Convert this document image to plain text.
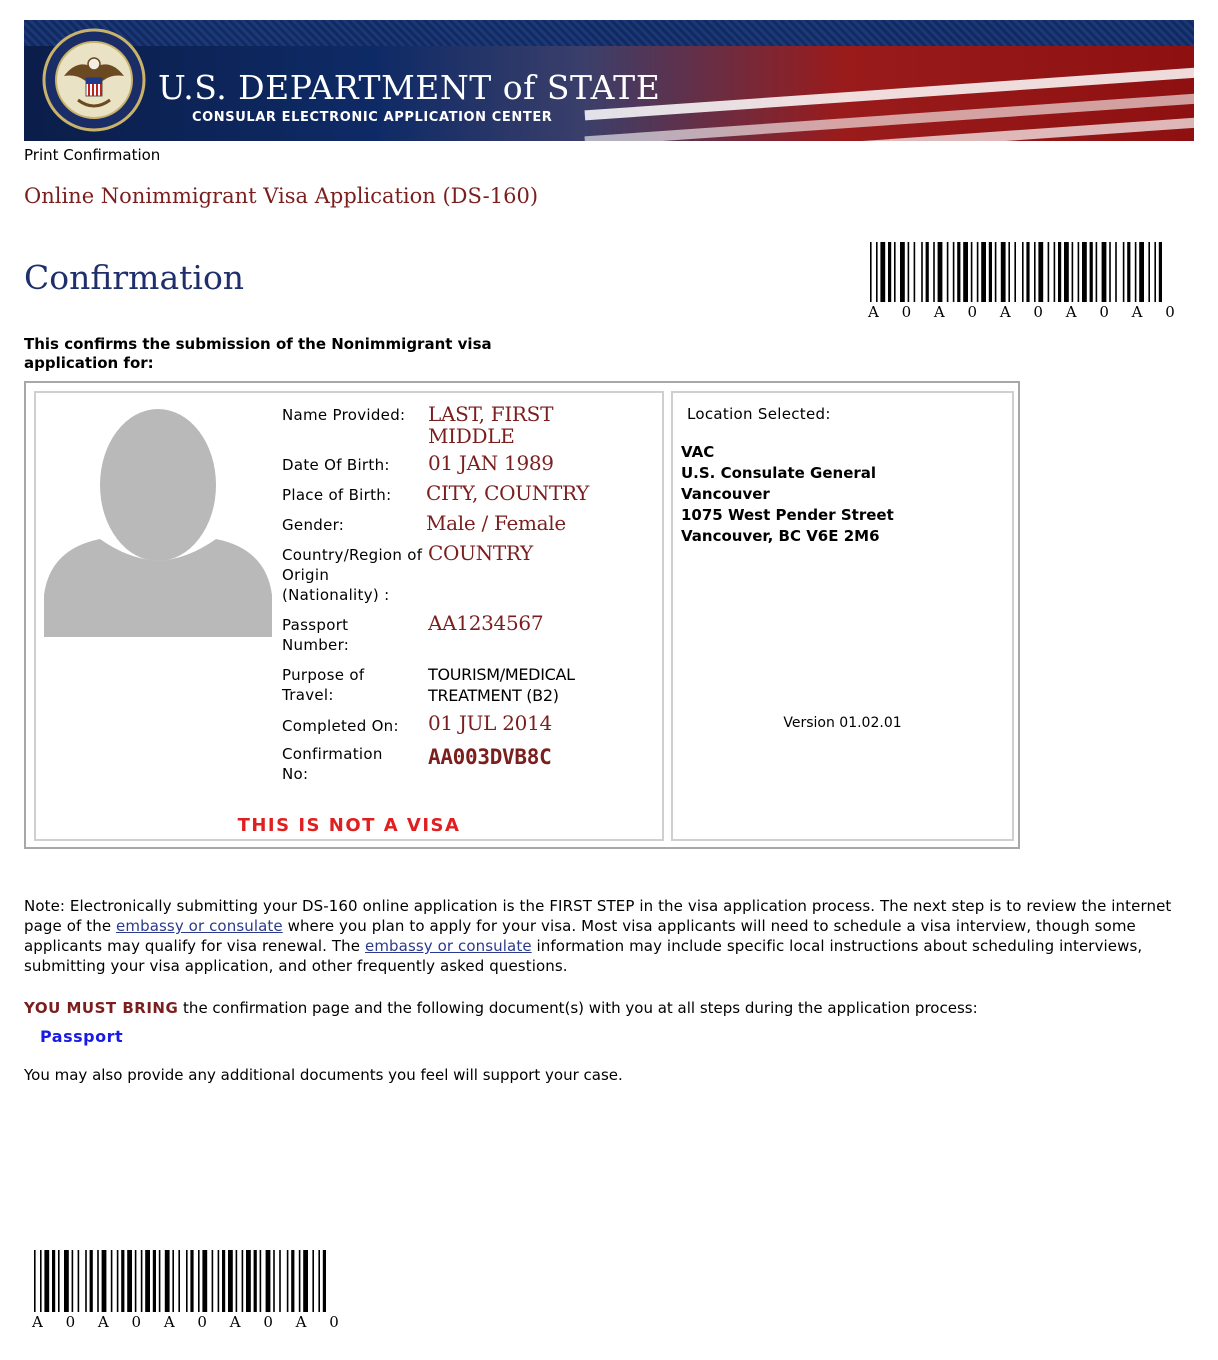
U.S. DEPARTMENT of STATE
CONSULAR ELECTRONIC APPLICATION CENTER
Print Confirmation
Online Nonimmigrant Visa Application (DS-160)
Confirmation
A 0 A 0 A 0 A 0 A 0
This confirms the submission of the Nonimmigrant visa application for:
Name Provided:	LAST, FIRST MIDDLE
Date Of Birth: 01 JAN 1989
Place of Birth: CITY, COUNTRY
Gender:	Male / Female
Country/Region of Origin (Nationality) :
COUNTRY
Passport Number:
AA1234567
Purpose of Travel:
TOURISM/MEDICAL TREATMENT (B2)
Completed On: 01 JUL 2014
Confirmation No:
AA003DVB8C
THIS IS NOT A VISA
Location Selected:
VAC
U.S. Consulate General
Vancouver
1075 West Pender Street
Vancouver, BC V6E 2M6
Version 01.02.01
Note: Electronically submitting your DS-160 online application is the FIRST STEP in the visa application process. The next step is to review the internet page of the embassy or consulate where you plan to apply for your visa. Most visa applicants will need to schedule a visa interview, though some applicants may qualify for visa renewal. The embassy or consulate information may include specific local instructions about scheduling interviews, submitting your visa application, and other frequently asked questions.
YOU MUST BRING the confirmation page and the following document(s) with you at all steps during the application process:
Passport
You may also provide any additional documents you feel will support your case.
A 0 A 0 A 0 A 0 A 0
